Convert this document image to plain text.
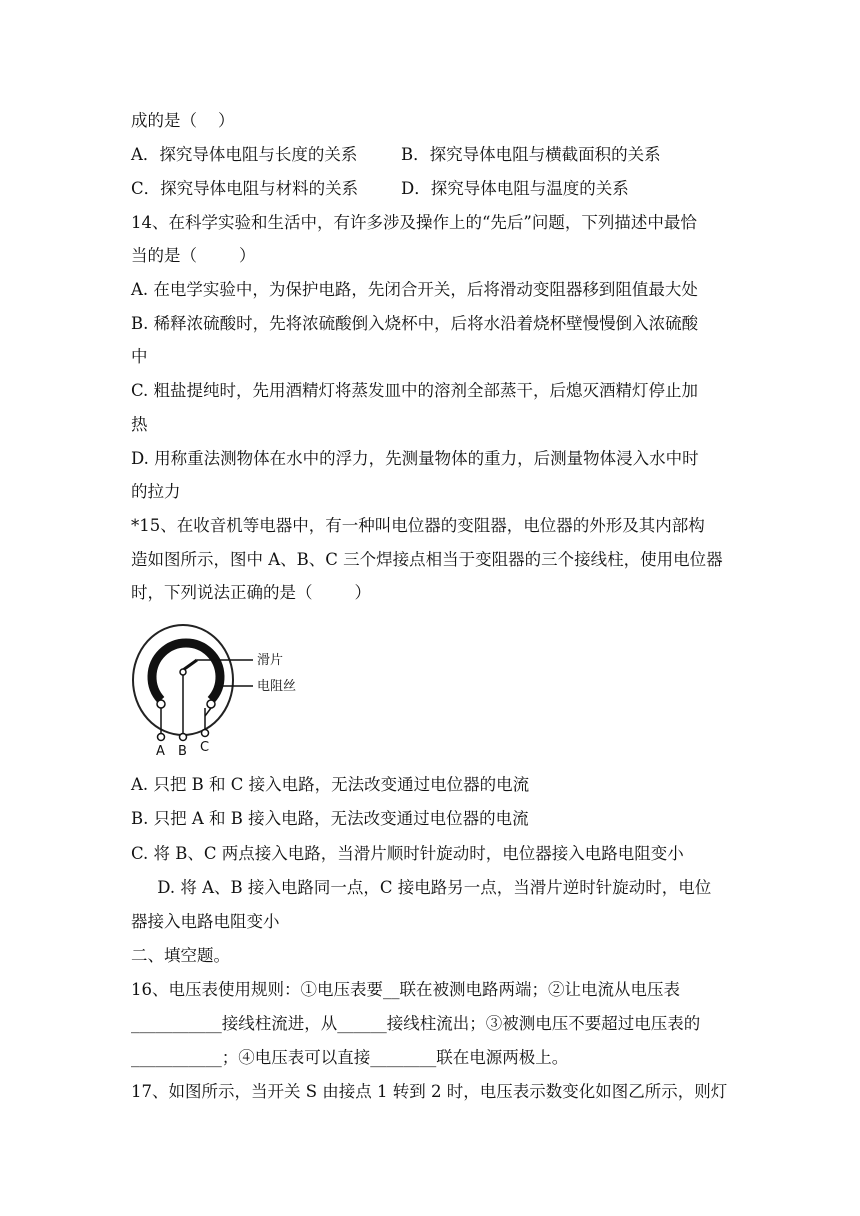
成的是（    ）

A．探究导体电阻与长度的关系

	B．探究导体电阻与横截面积的关系

C．探究导体电阻与材料的关系

	D．探究导体电阻与温度的关系

14、在科学实验和生活中，有许多涉及操作上的“先后”问题，下列描述中最恰
当的是（        ）
A. 在电学实验中，为保护电路，先闭合开关，后将滑动变阻器移到阻值最大处
B. 稀释浓硫酸时，先将浓硫酸倒入烧杯中，后将水沿着烧杯壁慢慢倒入浓硫酸
中
C. 粗盐提纯时，先用酒精灯将蒸发皿中的溶剂全部蒸干，后熄灭酒精灯停止加
热
D. 用称重法测物体在水中的浮力，先测量物体的重力，后测量物体浸入水中时
的拉力
*15、在收音机等电器中，有一种叫电位器的变阻器，电位器的外形及其内部构
造如图所示，图中 A、B、C 三个焊接点相当于变阻器的三个接线柱，使用电位器
时，下列说法正确的是（        ）
滑片
电阻丝
A B C
A. 只把 B 和 C 接入电路，无法改变通过电位器的电流
B. 只把 A 和 B 接入电路，无法改变通过电位器的电流
C. 将 B、C 两点接入电路，当滑片顺时针旋动时，电位器接入电路电阻变小
D. 将 A、B 接入电路同一点，C 接电路另一点，当滑片逆时针旋动时，电位
器接入电路电阻变小
二、填空题。
16、电压表使用规则：①电压表要__联在被测电路两端；②让电流从电压表
___________接线柱流进，从______接线柱流出；③被测电压不要超过电压表的
___________；④电压表可以直接________联在电源两极上。
17、如图所示，当开关 S 由接点 1 转到 2 时，电压表示数变化如图乙所示，则灯
